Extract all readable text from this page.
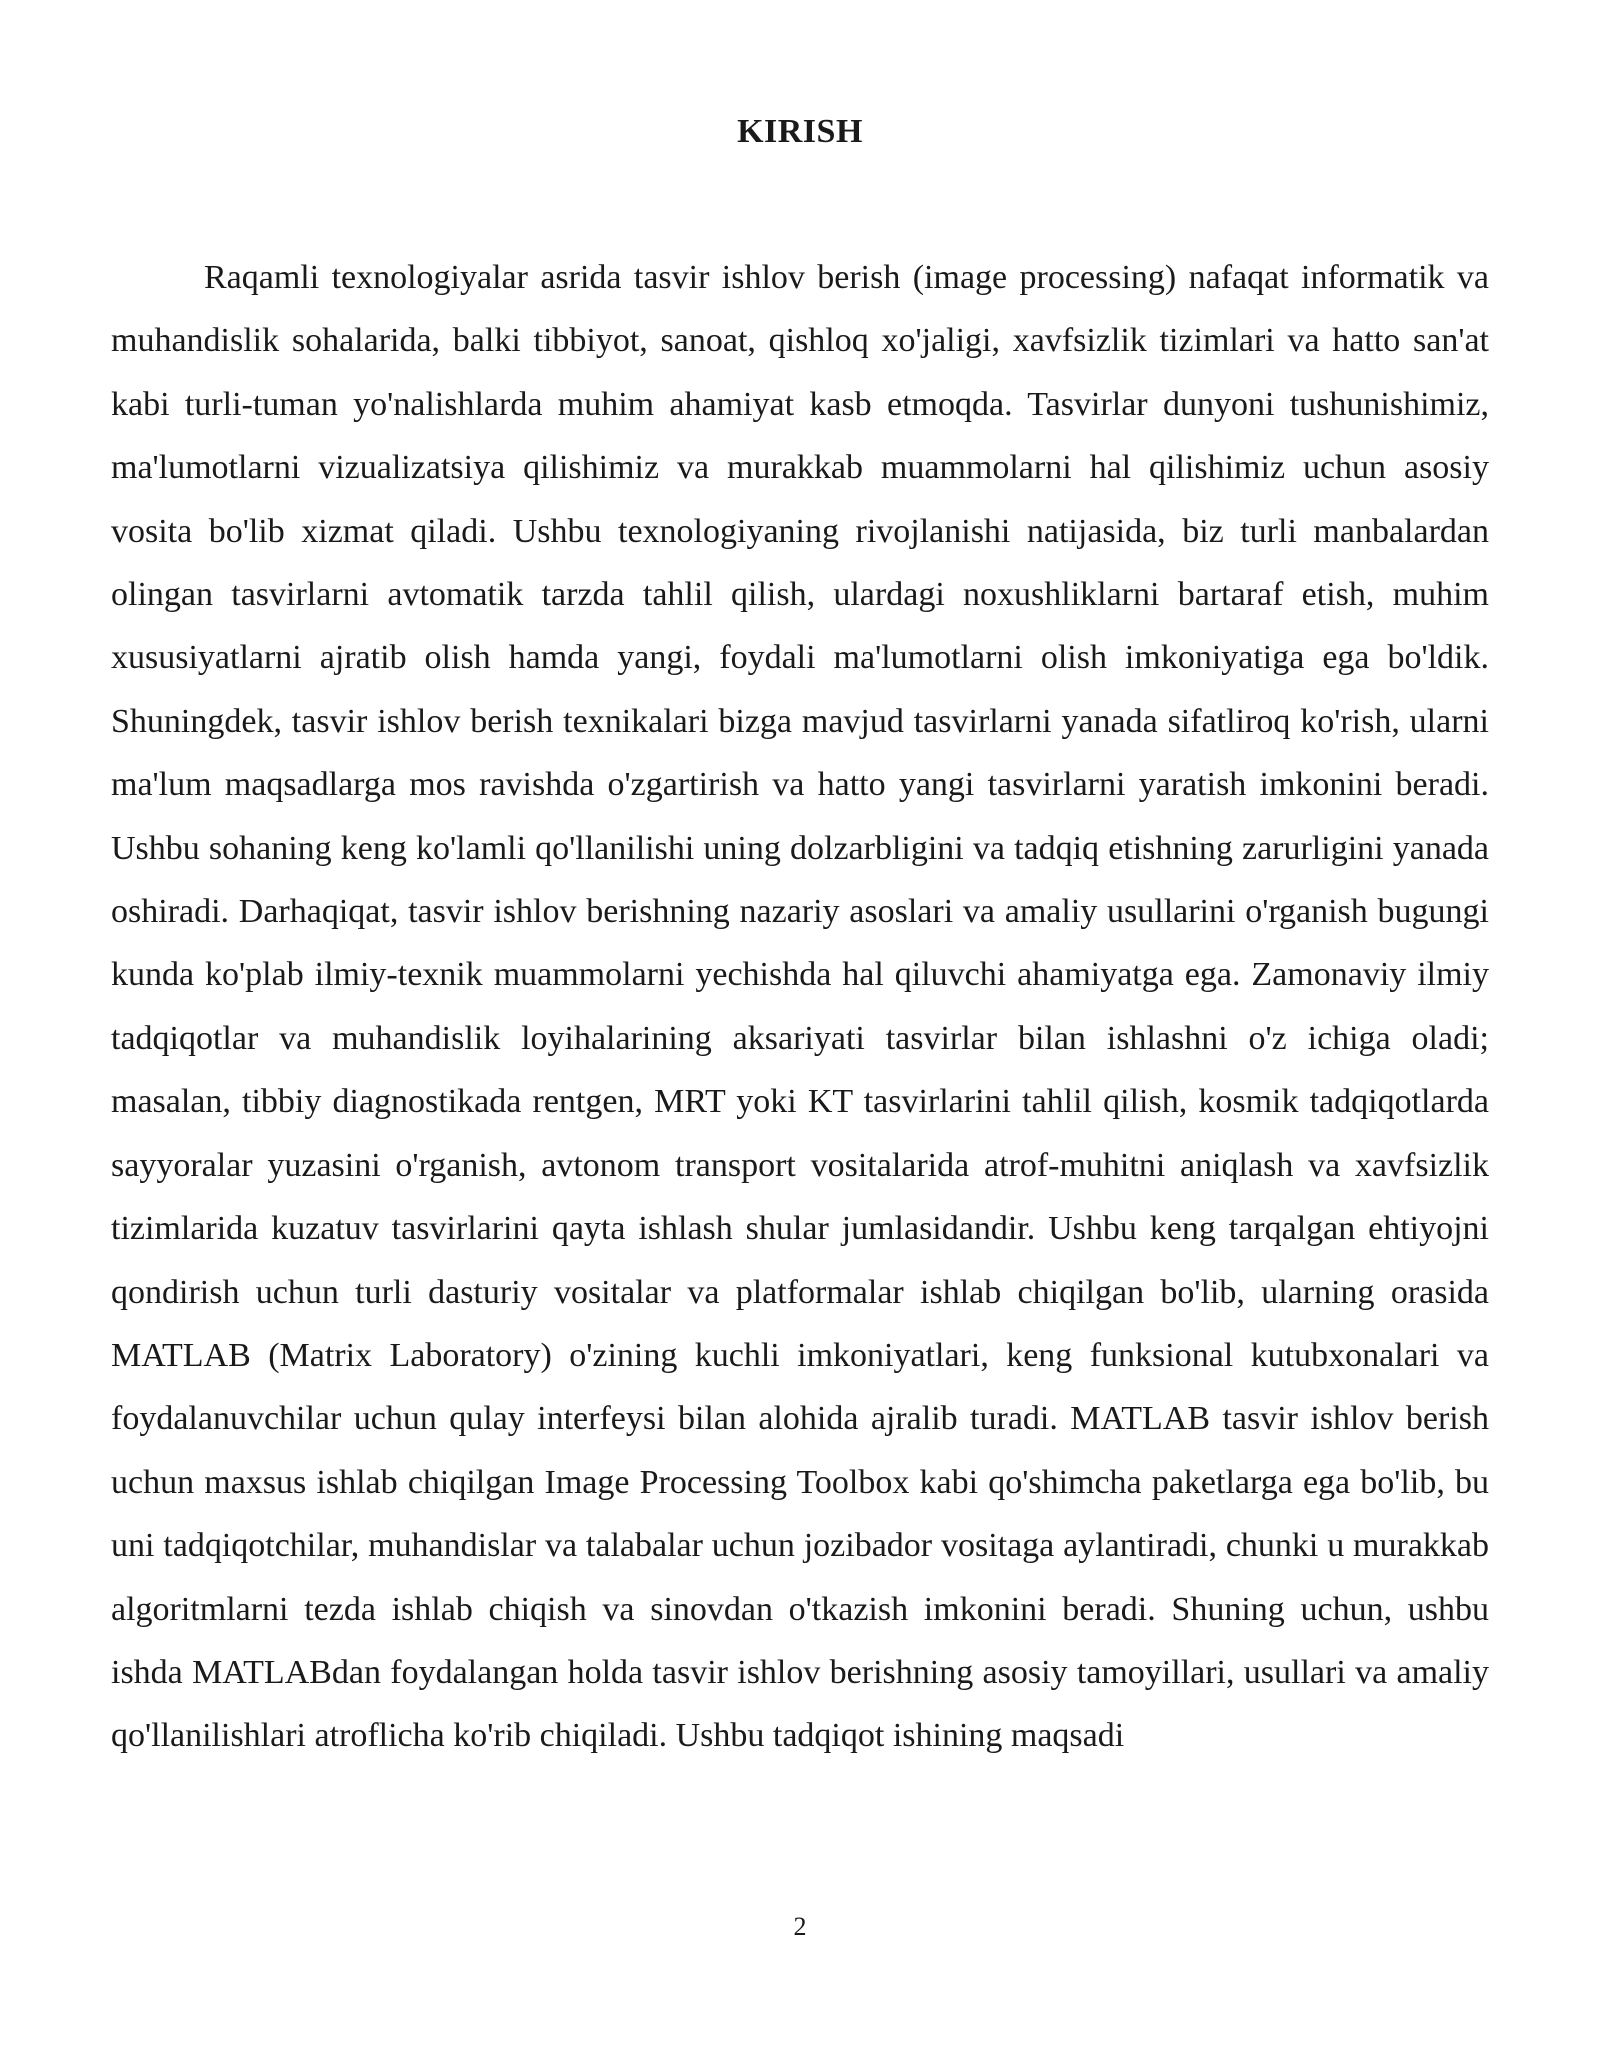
KIRISH

Raqamli texnologiyalar asrida tasvir ishlov berish (image processing) nafaqat informatik va muhandislik sohalarida, balki tibbiyot, sanoat, qishloq xo'jaligi, xavfsizlik tizimlari va hatto san'at kabi turli-tuman yo'nalishlarda muhim ahamiyat kasb etmoqda. Tasvirlar dunyoni tushunishimiz, ma'lumotlarni vizualizatsiya qilishimiz va murakkab muammolarni hal qilishimiz uchun asosiy vosita bo'lib xizmat qiladi. Ushbu texnologiyaning rivojlanishi natijasida, biz turli manbalardan olingan tasvirlarni avtomatik tarzda tahlil qilish, ulardagi noxushliklarni bartaraf etish, muhim xususiyatlarni ajratib olish hamda yangi, foydali ma'lumotlarni olish imkoniyatiga ega bo'ldik. Shuningdek, tasvir ishlov berish texnikalari bizga mavjud tasvirlarni yanada sifatliroq ko'rish, ularni ma'lum maqsadlarga mos ravishda o'zgartirish va hatto yangi tasvirlarni yaratish imkonini beradi. Ushbu sohaning keng ko'lamli qo'llanilishi uning dolzarbligini va tadqiq etishning zarurligini yanada oshiradi. Darhaqiqat, tasvir ishlov berishning nazariy asoslari va amaliy usullarini o'rganish bugungi kunda ko'plab ilmiy-texnik muammolarni yechishda hal qiluvchi ahamiyatga ega. Zamonaviy ilmiy tadqiqotlar va muhandislik loyihalarining aksariyati tasvirlar bilan ishlashni o'z ichiga oladi; masalan, tibbiy diagnostikada rentgen, MRT yoki KT tasvirlarini tahlil qilish, kosmik tadqiqotlarda sayyoralar yuzasini o'rganish, avtonom transport vositalarida atrof-muhitni aniqlash va xavfsizlik tizimlarida kuzatuv tasvirlarini qayta ishlash shular jumlasidandir. Ushbu keng tarqalgan ehtiyojni qondirish uchun turli dasturiy vositalar va platformalar ishlab chiqilgan bo'lib, ularning orasida MATLAB (Matrix Laboratory) o'zining kuchli imkoniyatlari, keng funksional kutubxonalari va foydalanuvchilar uchun qulay interfeysi bilan alohida ajralib turadi. MATLAB tasvir ishlov berish uchun maxsus ishlab chiqilgan Image Processing Toolbox kabi qo'shimcha paketlarga ega bo'lib, bu uni tadqiqotchilar, muhandislar va talabalar uchun jozibador vositaga aylantiradi, chunki u murakkab algoritmlarni tezda ishlab chiqish va sinovdan o'tkazish imkonini beradi. Shuning uchun, ushbu ishda MATLABdan foydalangan holda tasvir ishlov berishning asosiy tamoyillari, usullari va amaliy qo'llanilishlari atroflicha ko'rib chiqiladi. Ushbu tadqiqot ishining maqsadi

2
